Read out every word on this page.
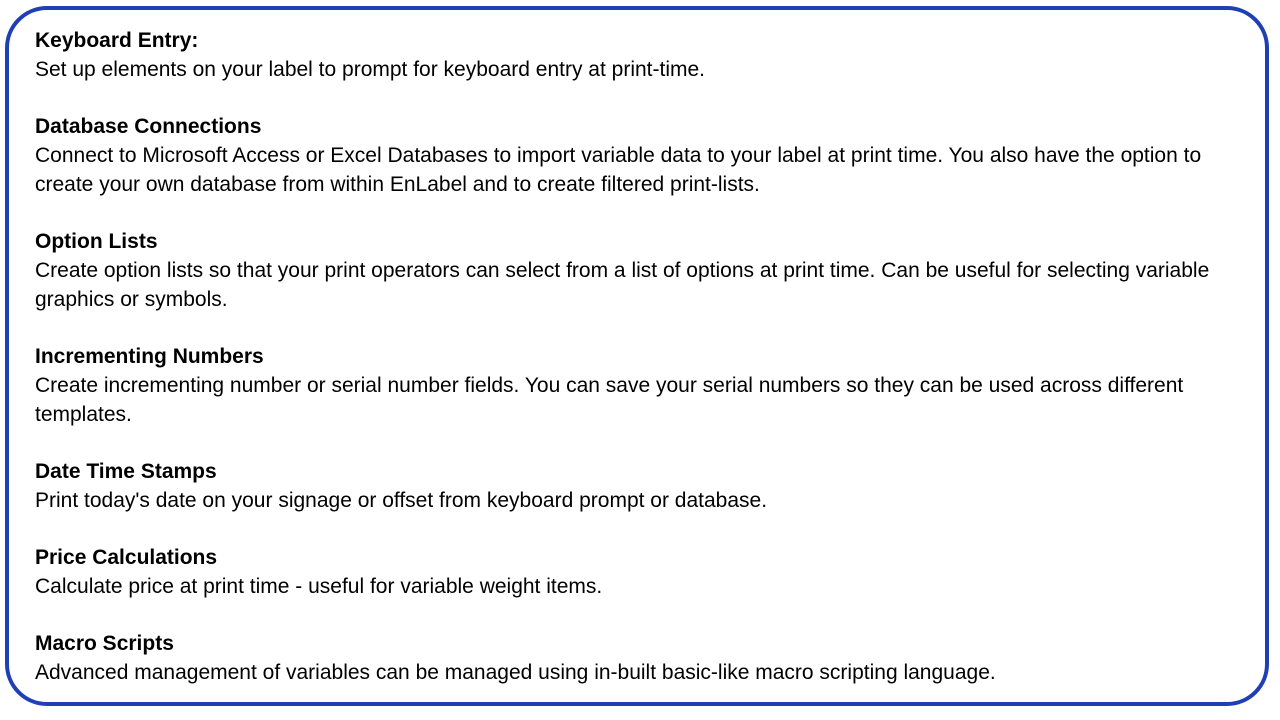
Keyboard Entry:
Set up elements on your label to prompt for keyboard entry at print-time.
Database Connections
Connect to Microsoft Access or Excel Databases to import variable data to your label at print time. You also have the option to create your own database from within EnLabel and to create filtered print-lists.
Option Lists
Create option lists so that your print operators can select from a list of options at print time. Can be useful for selecting variable graphics or symbols.
Incrementing Numbers
Create incrementing number or serial number fields. You can save your serial numbers so they can be used across different templates.
Date Time Stamps
Print today's date on your signage or offset from keyboard prompt or database.
Price Calculations
Calculate price at print time - useful for variable weight items.
Macro Scripts
Advanced management of variables can be managed using in-built basic-like macro scripting language.
